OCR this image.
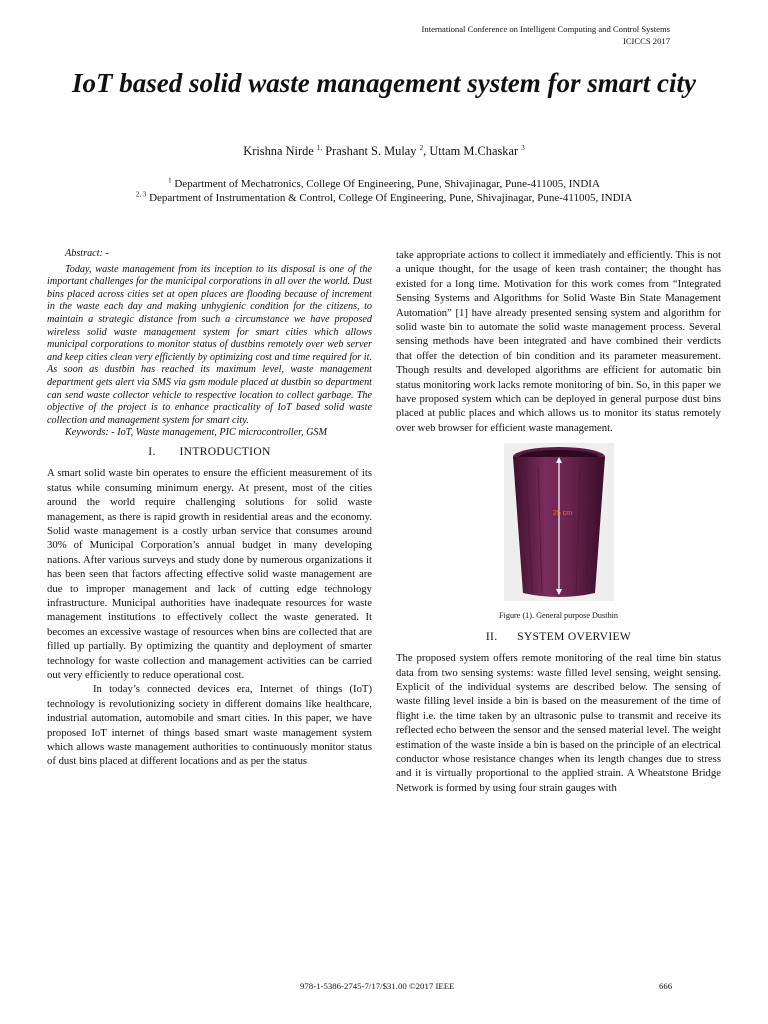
International Conference on Intelligent Computing and Control Systems
ICICCS 2017
IoT based solid waste management system for smart city
Krishna Nirde $^{1,}$ Prashant S. Mulay $^2$, Uttam M.Chaskar $^3$
$^1$ Department of Mechatronics, College Of Engineering, Pune, Shivajinagar, Pune-411005, INDIA
$^{2, 3}$ Department of Instrumentation & Control, College Of Engineering, Pune, Shivajinagar, Pune-411005, INDIA

Abstract: -

Today, waste management from its inception to its disposal is one of the important challenges for the municipal corporations in all over the world. Dust bins placed across cities set at open places are flooding because of increment in the waste each day and making unhygienic condition for the citizens, to maintain a strategic distance from such a circumstance we have proposed wireless solid waste management system for smart cities which allows municipal corporations to monitor status of dustbins remotely over web server and keep cities clean very efficiently by optimizing cost and time required for it. As soon as dustbin has reached its maximum level, waste management department gets alert via SMS via gsm module placed at dustbin so department can send waste collector vehicle to respective location to collect garbage. The objective of the project is to enhance practicality of IoT based solid waste collection and management system for smart city.

Keywords: - IoT, Waste management, PIC microcontroller, GSM

I. INTRODUCTION

A smart solid waste bin operates to ensure the efficient measurement of its status while consuming minimum energy. At present, most of the cities around the world require challenging solutions for solid waste management, as there is rapid growth in residential areas and the economy. Solid waste management is a costly urban service that consumes around 30% of Municipal Corporation’s annual budget in many developing nations. After various surveys and study done by numerous organizations it has been seen that factors affecting effective solid waste management are due to improper management and lack of cutting edge technology infrastructure. Municipal authorities have inadequate resources for waste management institutions to effectively collect the waste generated. It becomes an excessive wastage of resources when bins are collected that are filled up partially. By optimizing the quantity and deployment of smarter technology for waste collection and management activities can be carried out very efficiently to reduce operational cost.

In today’s connected devices era, Internet of things (IoT) technology is revolutionizing society in different domains like healthcare, industrial automation, automobile and smart cities. In this paper, we have proposed IoT internet of things based smart waste management system which allows waste management authorities to continuously monitor status of dust bins placed at different locations and as per the status

take appropriate actions to collect it immediately and efficiently. This is not a unique thought, for the usage of keen trash container; the thought has existed for a long time. Motivation for this work comes from “Integrated Sensing Systems and Algorithms for Solid Waste Bin State Management Automation” [1] have already presented sensing system and algorithm for solid waste bin to automate the solid waste management process. Several sensing methods have been integrated and have combined their verdicts that offer the detection of bin condition and its parameter measurement. Though results and developed algorithms are efficient for automatic bin status monitoring work lacks remote monitoring of bin. So, in this paper we have proposed system which can be deployed in general purpose dust bins placed at public places and which allows us to monitor its status remotely over web browser for efficient waste management.

25 cm

Figure (1). General purpose Dustbin

II. SYSTEM OVERVIEW

The proposed system offers remote monitoring of the real time bin status data from two sensing systems: waste filled level sensing, weight sensing. Explicit of the individual systems are described below. The sensing of waste filling level inside a bin is based on the measurement of the time of flight i.e. the time taken by an ultrasonic pulse to transmit and receive its reflected echo between the sensor and the sensed material level. The weight estimation of the waste inside a bin is based on the principle of an electrical conductor whose resistance changes when its length changes due to stress and it is virtually proportional to the applied strain. A Wheatstone Bridge Network is formed by using four strain gauges with

978-1-5386-2745-7/17/$31.00 ©2017 IEEE	666
